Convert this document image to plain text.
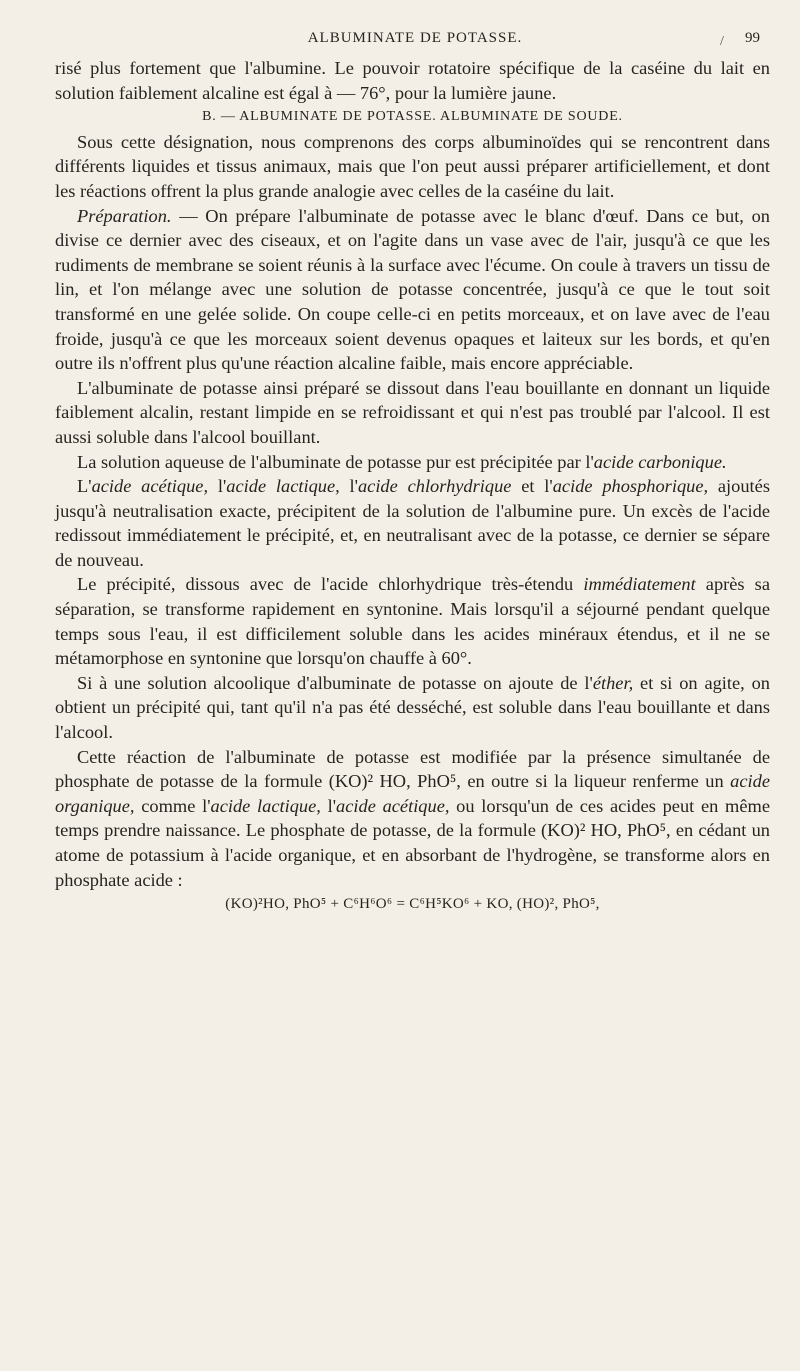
/
ALBUMINATE DE POTASSE.	99

risé plus fortement que l'albumine. Le pouvoir rotatoire spécifique de la caséine du lait en solution faiblement alcaline est égal à — 76°, pour la lumière jaune.

B. — ALBUMINATE DE POTASSE. ALBUMINATE DE SOUDE.

Sous cette désignation, nous comprenons des corps albuminoïdes qui se rencontrent dans différents liquides et tissus animaux, mais que l'on peut aussi préparer artificiellement, et dont les réactions offrent la plus grande analogie avec celles de la caséine du lait.

Préparation. — On prépare l'albuminate de potasse avec le blanc d'œuf. Dans ce but, on divise ce dernier avec des ciseaux, et on l'agite dans un vase avec de l'air, jusqu'à ce que les rudiments de membrane se soient réunis à la surface avec l'écume. On coule à travers un tissu de lin, et l'on mélange avec une solution de potasse concentrée, jusqu'à ce que le tout soit transformé en une gelée solide. On coupe celle-ci en petits morceaux, et on lave avec de l'eau froide, jusqu'à ce que les morceaux soient devenus opaques et laiteux sur les bords, et qu'en outre ils n'offrent plus qu'une réaction alcaline faible, mais encore appréciable.

L'albuminate de potasse ainsi préparé se dissout dans l'eau bouillante en donnant un liquide faiblement alcalin, restant limpide en se refroidissant et qui n'est pas troublé par l'alcool. Il est aussi soluble dans l'alcool bouillant.

La solution aqueuse de l'albuminate de potasse pur est précipitée par l'acide carbonique.

L'acide acétique, l'acide lactique, l'acide chlorhydrique et l'acide phosphorique, ajoutés jusqu'à neutralisation exacte, précipitent de la solution de l'albumine pure. Un excès de l'acide redissout immédiatement le précipité, et, en neutralisant avec de la potasse, ce dernier se sépare de nouveau.

Le précipité, dissous avec de l'acide chlorhydrique très-étendu immédiatement après sa séparation, se transforme rapidement en syntonine. Mais lorsqu'il a séjourné pendant quelque temps sous l'eau, il est difficilement soluble dans les acides minéraux étendus, et il ne se métamorphose en syntonine que lorsqu'on chauffe à 60°.

Si à une solution alcoolique d'albuminate de potasse on ajoute de l'éther, et si on agite, on obtient un précipité qui, tant qu'il n'a pas été desséché, est soluble dans l'eau bouillante et dans l'alcool.

Cette réaction de l'albuminate de potasse est modifiée par la présence simultanée de phosphate de potasse de la formule (KO)² HO, PhO⁵, en outre si la liqueur renferme un acide organique, comme l'acide lactique, l'acide acétique, ou lorsqu'un de ces acides peut en même temps prendre naissance. Le phosphate de potasse, de la formule (KO)² HO, PhO⁵, en cédant un atome de potassium à l'acide organique, et en absorbant de l'hydrogène, se transforme alors en phosphate acide :

(KO)²HO, PhO⁵ + C⁶H⁶O⁶ = C⁶H⁵KO⁶ + KO, (HO)², PhO⁵,
